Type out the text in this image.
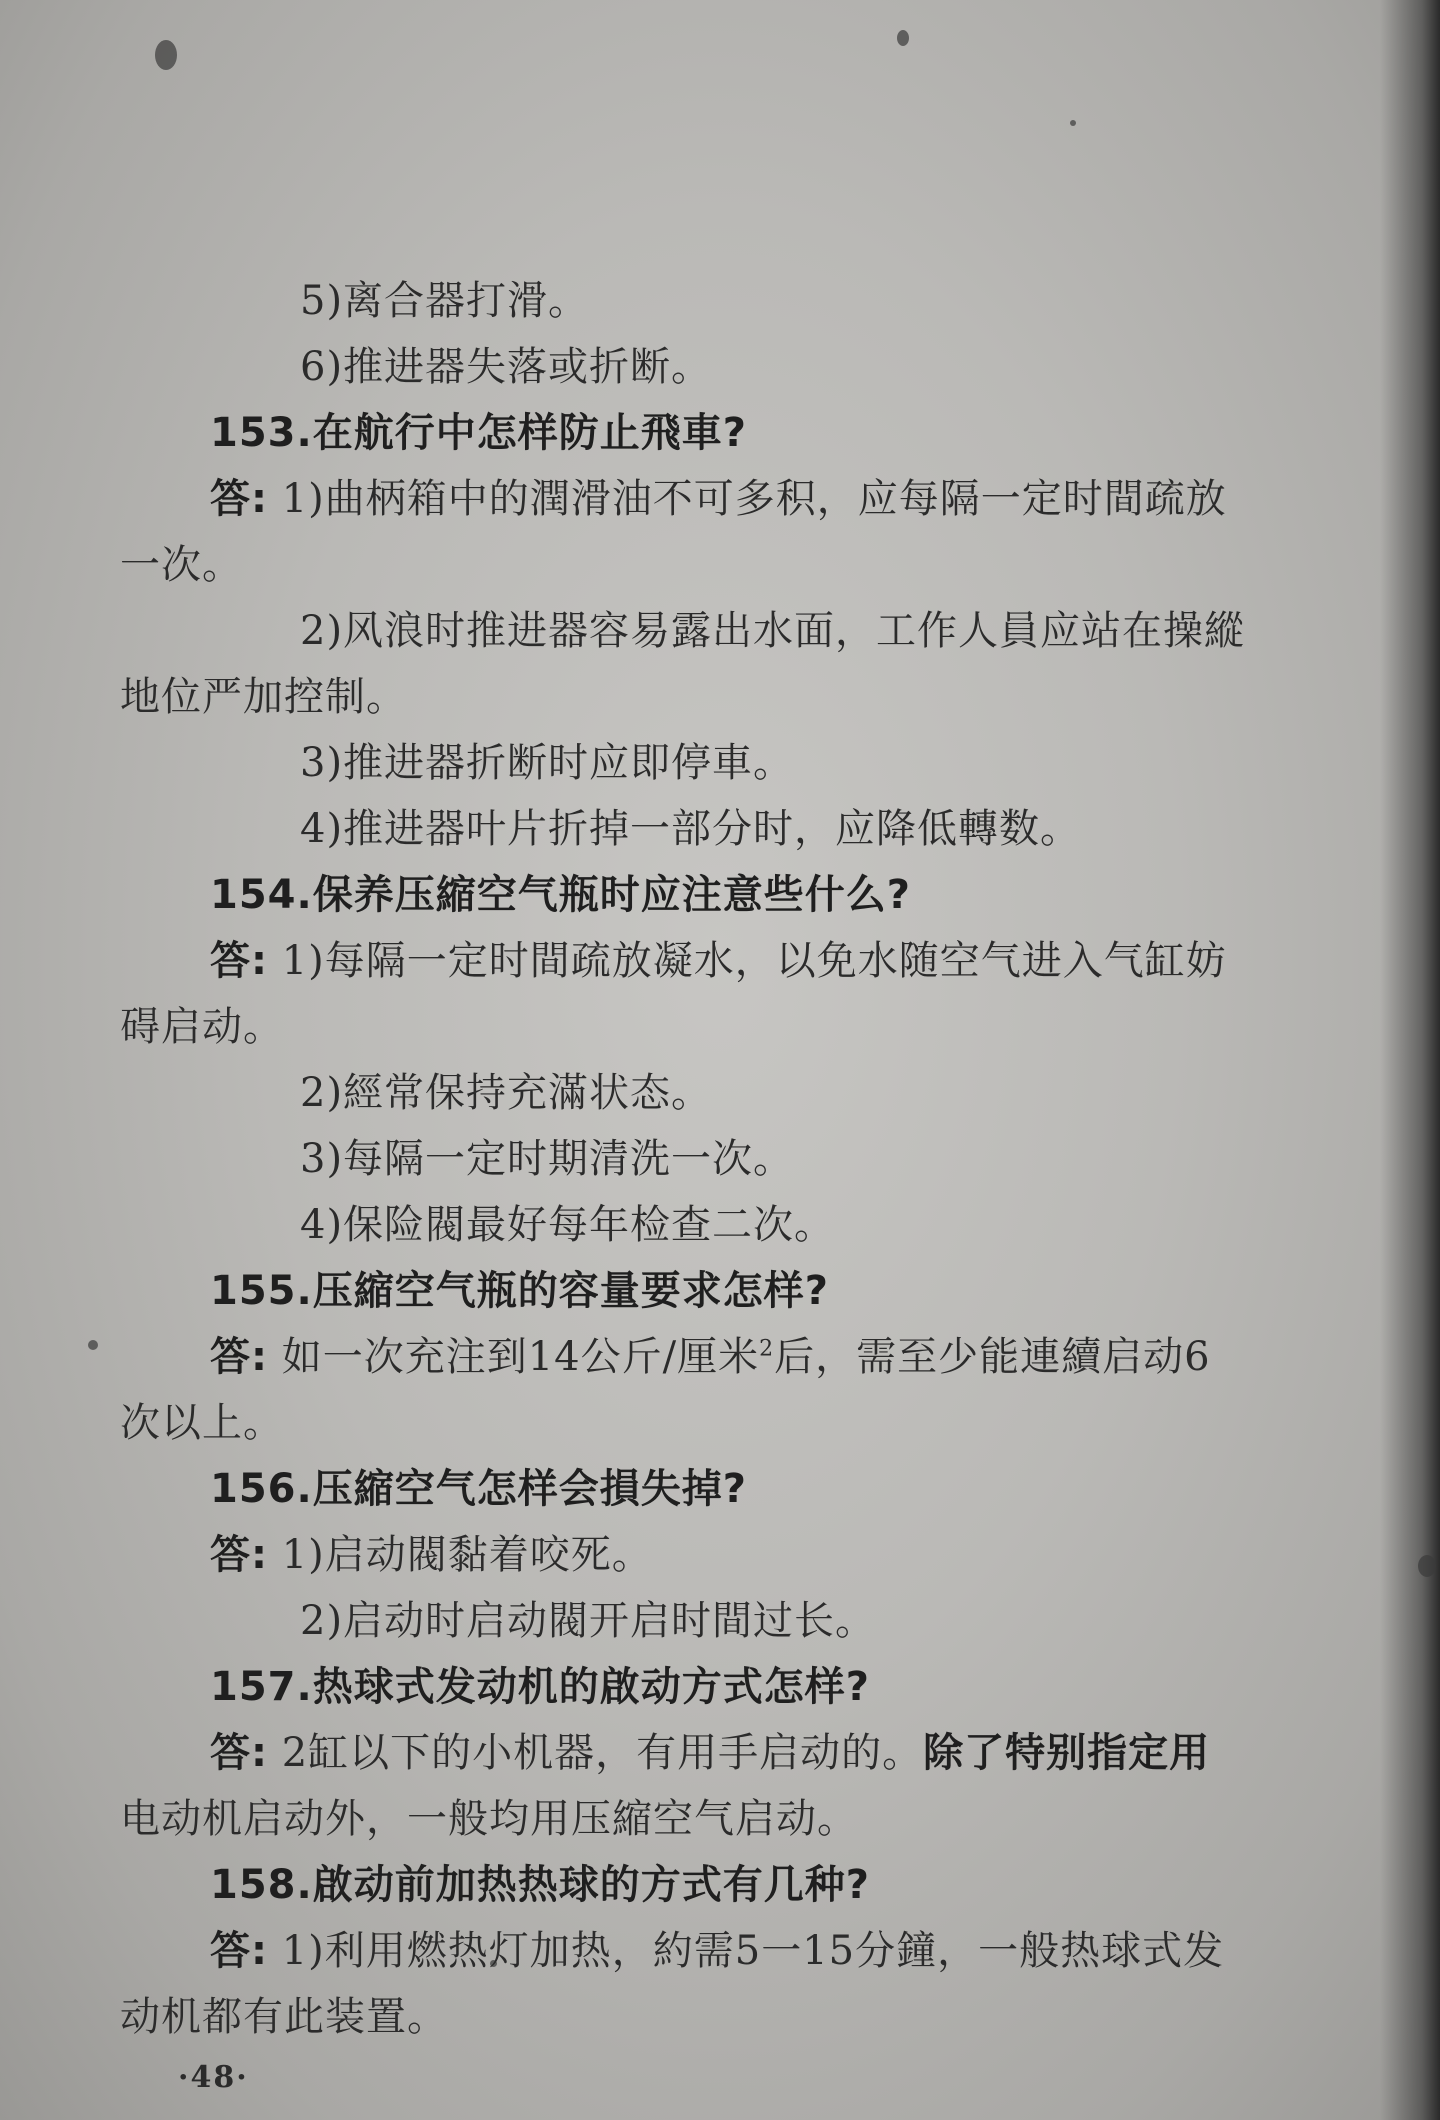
5)离合器打滑。
6)推进器失落或折断。
153.在航行中怎样防止飛車?
答: 1)曲柄箱中的潤滑油不可多积，应每隔一定时間疏放
一次。
2)风浪时推进器容易露出水面，工作人員应站在操縱
地位严加控制。
3)推进器折断时应即停車。
4)推进器叶片折掉一部分时，应降低轉数。
154.保养压縮空气瓶时应注意些什么?
答: 1)每隔一定时間疏放凝水，以免水随空气进入气缸妨
碍启动。
2)經常保持充滿状态。
3)每隔一定时期清洗一次。
4)保险閥最好每年检查二次。
155.压縮空气瓶的容量要求怎样?
答: 如一次充注到14公斤/厘米$^2$后，需至少能連續启动6
次以上。
156.压縮空气怎样会損失掉?
答: 1)启动閥黏着咬死。
2)启动时启动閥开启时間过长。
157.热球式发动机的啟动方式怎样?
答: 2缸以下的小机器，有用手启动的。除了特别指定用
电动机启动外，一般均用压縮空气启动。
158.啟动前加热热球的方式有几种?
答: 1)利用燃热灯加热，約需5一15分鐘，一般热球式发
动机都有此装置。
·48·
